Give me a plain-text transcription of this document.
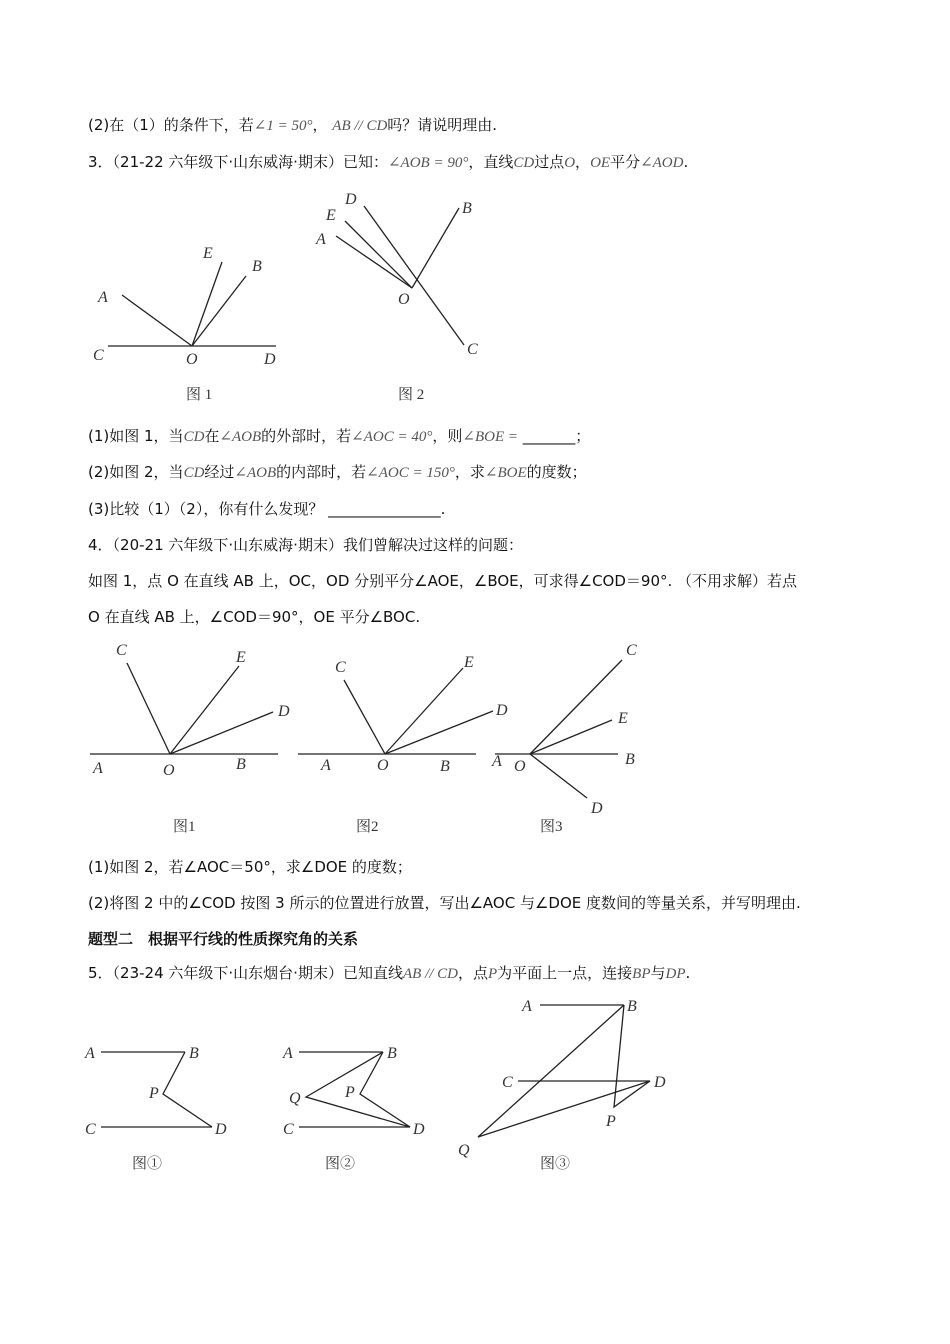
(2)在（1）的条件下，若∠1 = 50°， AB // CD吗？请说明理由.
3．（21-22 六年级下·山东威海·期末）已知：∠AOB = 90°，直线CD过点O，OE平分∠AOD.
A
E
B
C	O	D
图 1
D
E
A
B
O
C
图 2
(1)如图 1，当CD在∠AOB的外部时，若∠AOC = 40°，则∠BOE = _______；
(2)如图 2，当CD经过∠AOB的内部时，若∠AOC = 150°，求∠BOE的度数；
(3)比较（1）（2），你有什么发现？ _______________.
4．（20-21 六年级下·山东威海·期末）我们曾解决过这样的问题：
如图 1，点 O 在直线 AB 上，OC，OD 分别平分∠AOE，∠BOE，可求得∠COD＝90°. （不用求解）若点
O 在直线 AB 上，∠COD＝90°，OE 平分∠BOC.
C	E
D
A	O	B
图1
C	E
D
A	O	B
图2
C
E
A O	B
D
图3
(1)如图 2，若∠AOC＝50°，求∠DOE 的度数；
(2)将图 2 中的∠COD 按图 3 所示的位置进行放置，写出∠AOC 与∠DOE 度数间的等量关系，并写明理由.
题型二　根据平行线的性质探究角的关系
5．（23-24 六年级下·山东烟台·期末）已知直线AB // CD，点P为平面上一点，连接BP与DP.
A	B
P
C	D
图①
A	B
Q	P
C	D
图②
A	B
C	D
P
Q
图③
